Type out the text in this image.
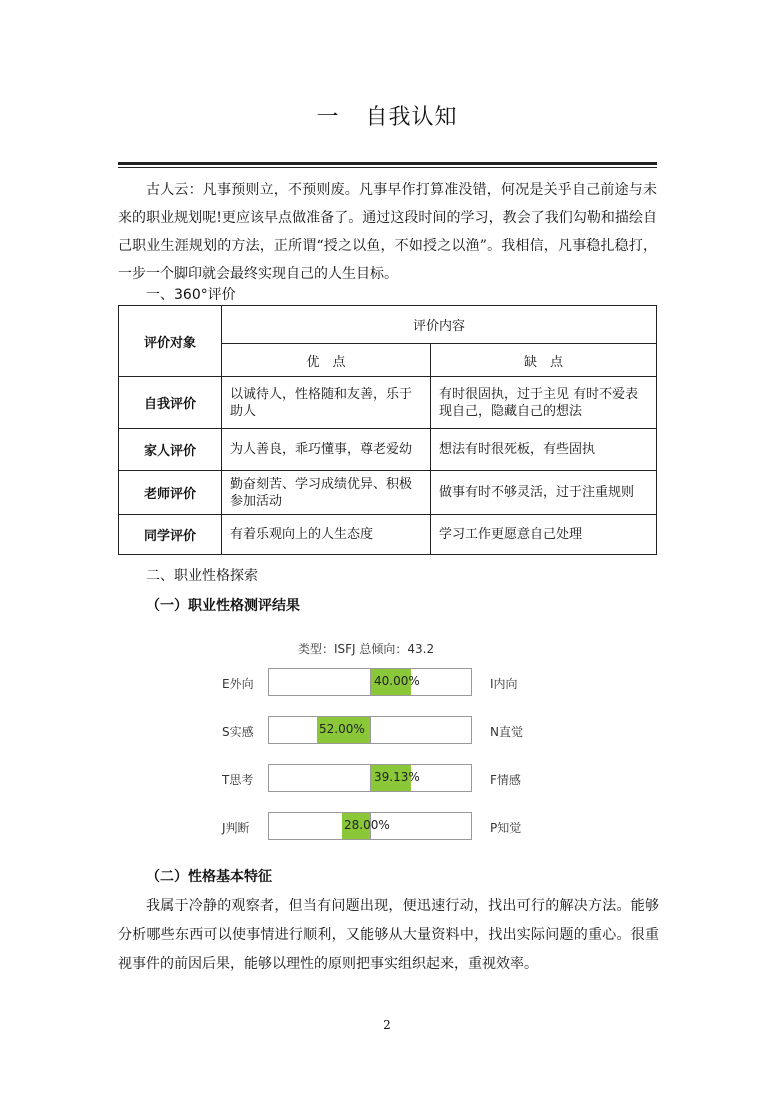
一 自我认知
古人云：凡事预则立，不预则废。凡事早作打算准没错，何况是关乎自己前途与未来的职业规划呢!更应该早点做准备了。通过这段时间的学习，教会了我们勾勒和描绘自己职业生涯规划的方法，正所谓“授之以鱼，不如授之以渔”。我相信，凡事稳扎稳打，一步一个脚印就会最终实现自己的人生目标。
一、360°评价
评价对象	评价内容	
	优　点	缺　点
自我评价	以诚待人，性格随和友善，乐于助人	有时很固执，过于主见 有时不爱表现自己，隐藏自己的想法
家人评价	为人善良，乖巧懂事，尊老爱幼	想法有时很死板，有些固执
老师评价	勤奋刻苦、学习成绩优异、积极参加活动	做事有时不够灵活，过于注重规则
同学评价	有着乐观向上的人生态度	学习工作更愿意自己处理
二、职业性格探索
（一）职业性格测评结果
类型：ISFJ 总倾向：43.2
E外向	40.00%	I内向
S实感	52.00%	N直觉
T思考	39.13%	F情感
J判断	28.00%	P知觉
（二）性格基本特征
我属于冷静的观察者，但当有问题出现，便迅速行动，找出可行的解决方法。能够分析哪些东西可以使事情进行顺利，又能够从大量资料中，找出实际问题的重心。很重视事件的前因后果，能够以理性的原则把事实组织起来，重视效率。
2
